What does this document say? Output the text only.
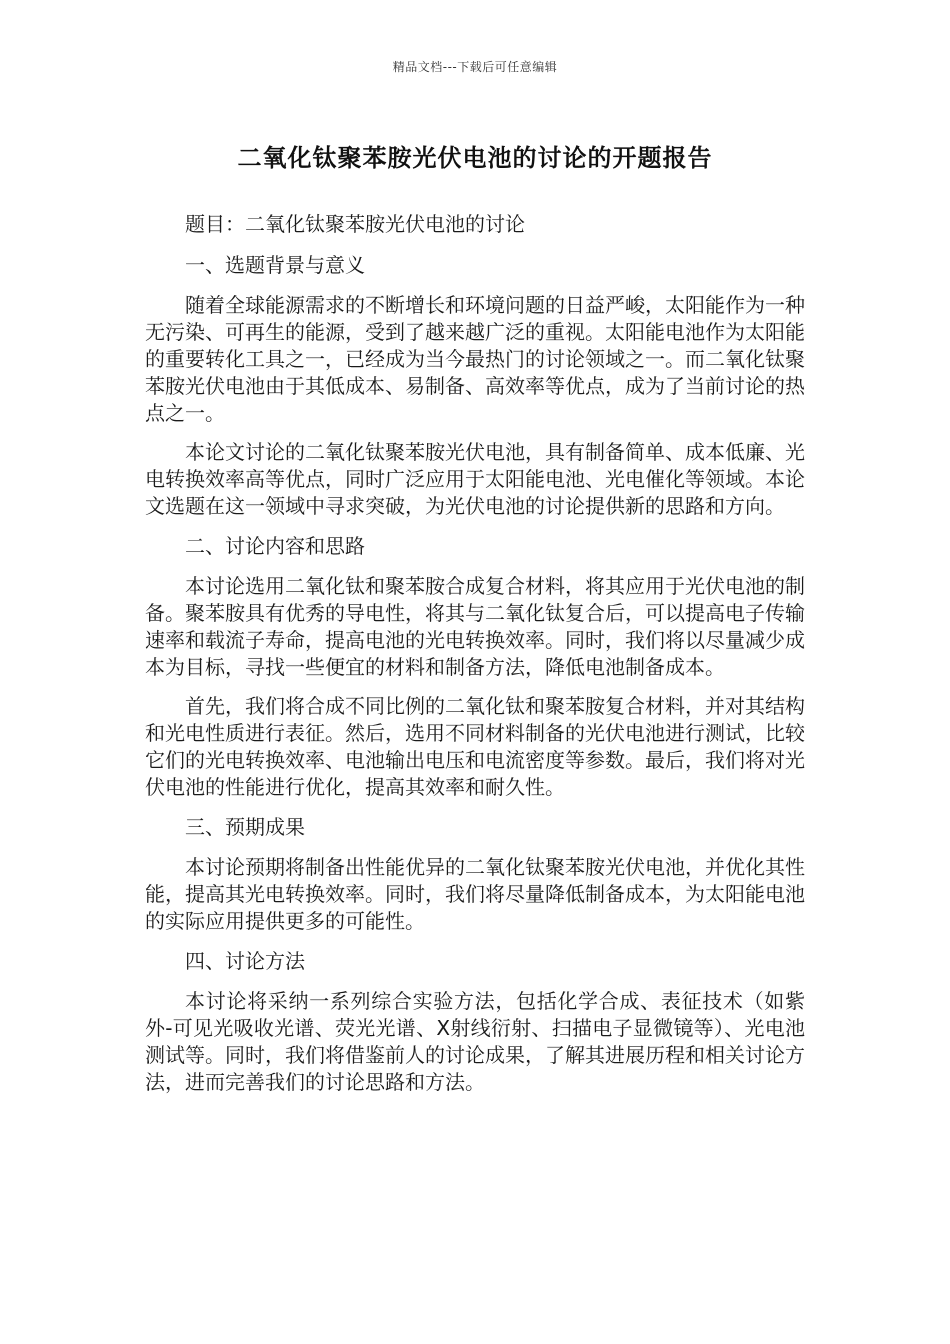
精品文档---下载后可任意编辑
二氧化钛聚苯胺光伏电池的讨论的开题报告

题目：二氧化钛聚苯胺光伏电池的讨论

一、选题背景与意义

随着全球能源需求的不断增长和环境问题的日益严峻，太阳能作为一种无污染、可再生的能源，受到了越来越广泛的重视。太阳能电池作为太阳能的重要转化工具之一，已经成为当今最热门的讨论领域之一。而二氧化钛聚苯胺光伏电池由于其低成本、易制备、高效率等优点，成为了当前讨论的热点之一。

本论文讨论的二氧化钛聚苯胺光伏电池，具有制备简单、成本低廉、光电转换效率高等优点，同时广泛应用于太阳能电池、光电催化等领域。本论文选题在这一领域中寻求突破，为光伏电池的讨论提供新的思路和方向。

二、讨论内容和思路

本讨论选用二氧化钛和聚苯胺合成复合材料，将其应用于光伏电池的制备。聚苯胺具有优秀的导电性，将其与二氧化钛复合后，可以提高电子传输速率和载流子寿命，提高电池的光电转换效率。同时，我们将以尽量减少成本为目标，寻找一些便宜的材料和制备方法，降低电池制备成本。

首先，我们将合成不同比例的二氧化钛和聚苯胺复合材料，并对其结构和光电性质进行表征。然后，选用不同材料制备的光伏电池进行测试，比较它们的光电转换效率、电池输出电压和电流密度等参数。最后，我们将对光伏电池的性能进行优化，提高其效率和耐久性。

三、预期成果

本讨论预期将制备出性能优异的二氧化钛聚苯胺光伏电池，并优化其性能，提高其光电转换效率。同时，我们将尽量降低制备成本，为太阳能电池的实际应用提供更多的可能性。

四、讨论方法

本讨论将采纳一系列综合实验方法，包括化学合成、表征技术（如紫外-可见光吸收光谱、荧光光谱、X射线衍射、扫描电子显微镜等）、光电池测试等。同时，我们将借鉴前人的讨论成果，了解其进展历程和相关讨论方法，进而完善我们的讨论思路和方法。
